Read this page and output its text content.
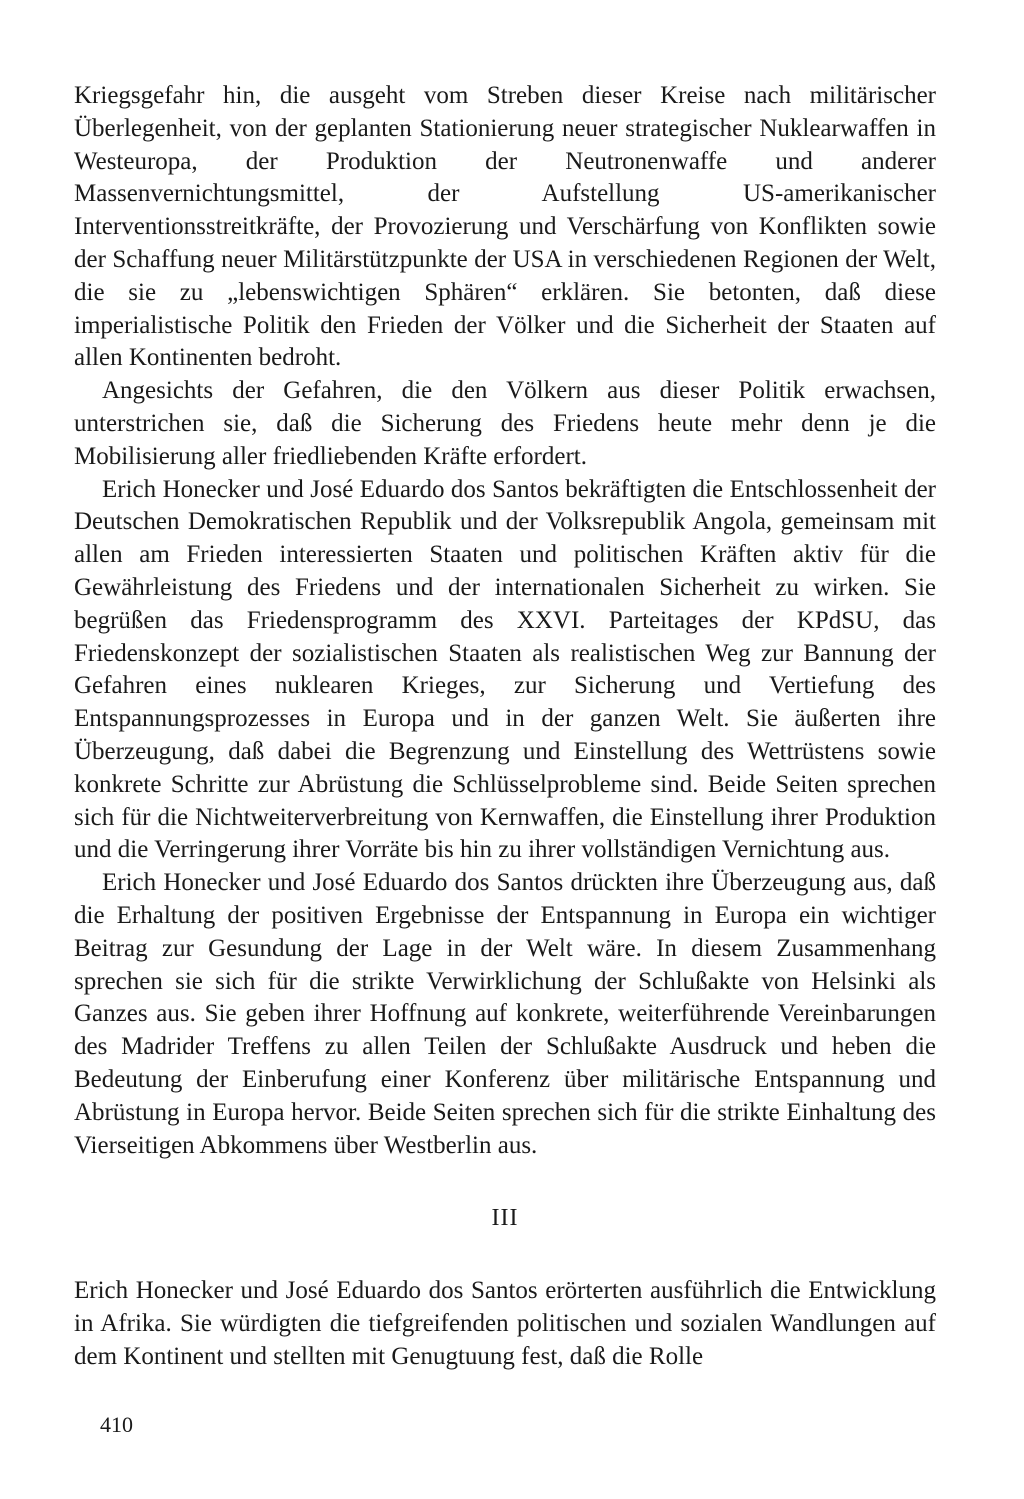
Kriegsgefahr hin, die ausgeht vom Streben dieser Kreise nach militärischer Überlegenheit, von der geplanten Stationierung neuer strategischer Nuklearwaffen in Westeuropa, der Produktion der Neutronenwaffe und anderer Massenvernichtungsmittel, der Aufstellung US-amerikanischer Interventionsstreitkräfte, der Provozierung und Verschärfung von Konflikten sowie der Schaffung neuer Militärstützpunkte der USA in verschiedenen Regionen der Welt, die sie zu „lebenswichtigen Sphären“ erklären. Sie betonten, daß diese imperialistische Politik den Frieden der Völker und die Sicherheit der Staaten auf allen Kontinenten bedroht.

Angesichts der Gefahren, die den Völkern aus dieser Politik erwachsen, unterstrichen sie, daß die Sicherung des Friedens heute mehr denn je die Mobilisierung aller friedliebenden Kräfte erfordert.

Erich Honecker und José Eduardo dos Santos bekräftigten die Entschlossenheit der Deutschen Demokratischen Republik und der Volksrepublik Angola, gemeinsam mit allen am Frieden interessierten Staaten und politischen Kräften aktiv für die Gewährleistung des Friedens und der internationalen Sicherheit zu wirken. Sie begrüßen das Friedensprogramm des XXVI. Parteitages der KPdSU, das Friedenskonzept der sozialistischen Staaten als realistischen Weg zur Bannung der Gefahren eines nuklearen Krieges, zur Sicherung und Vertiefung des Entspannungsprozesses in Europa und in der ganzen Welt. Sie äußerten ihre Überzeugung, daß dabei die Begrenzung und Einstellung des Wettrüstens sowie konkrete Schritte zur Abrüstung die Schlüsselprobleme sind. Beide Seiten sprechen sich für die Nichtweiterverbreitung von Kernwaffen, die Einstellung ihrer Produktion und die Verringerung ihrer Vorräte bis hin zu ihrer vollständigen Vernichtung aus.

Erich Honecker und José Eduardo dos Santos drückten ihre Überzeugung aus, daß die Erhaltung der positiven Ergebnisse der Entspannung in Europa ein wichtiger Beitrag zur Gesundung der Lage in der Welt wäre. In diesem Zusammenhang sprechen sie sich für die strikte Verwirklichung der Schlußakte von Helsinki als Ganzes aus. Sie geben ihrer Hoffnung auf konkrete, weiterführende Vereinbarungen des Madrider Treffens zu allen Teilen der Schlußakte Ausdruck und heben die Bedeutung der Einberufung einer Konferenz über militärische Entspannung und Abrüstung in Europa hervor. Beide Seiten sprechen sich für die strikte Einhaltung des Vierseitigen Abkommens über Westberlin aus.

III

Erich Honecker und José Eduardo dos Santos erörterten ausführlich die Entwicklung in Afrika. Sie würdigten die tiefgreifenden politischen und sozialen Wandlungen auf dem Kontinent und stellten mit Genugtuung fest, daß die Rolle

410
